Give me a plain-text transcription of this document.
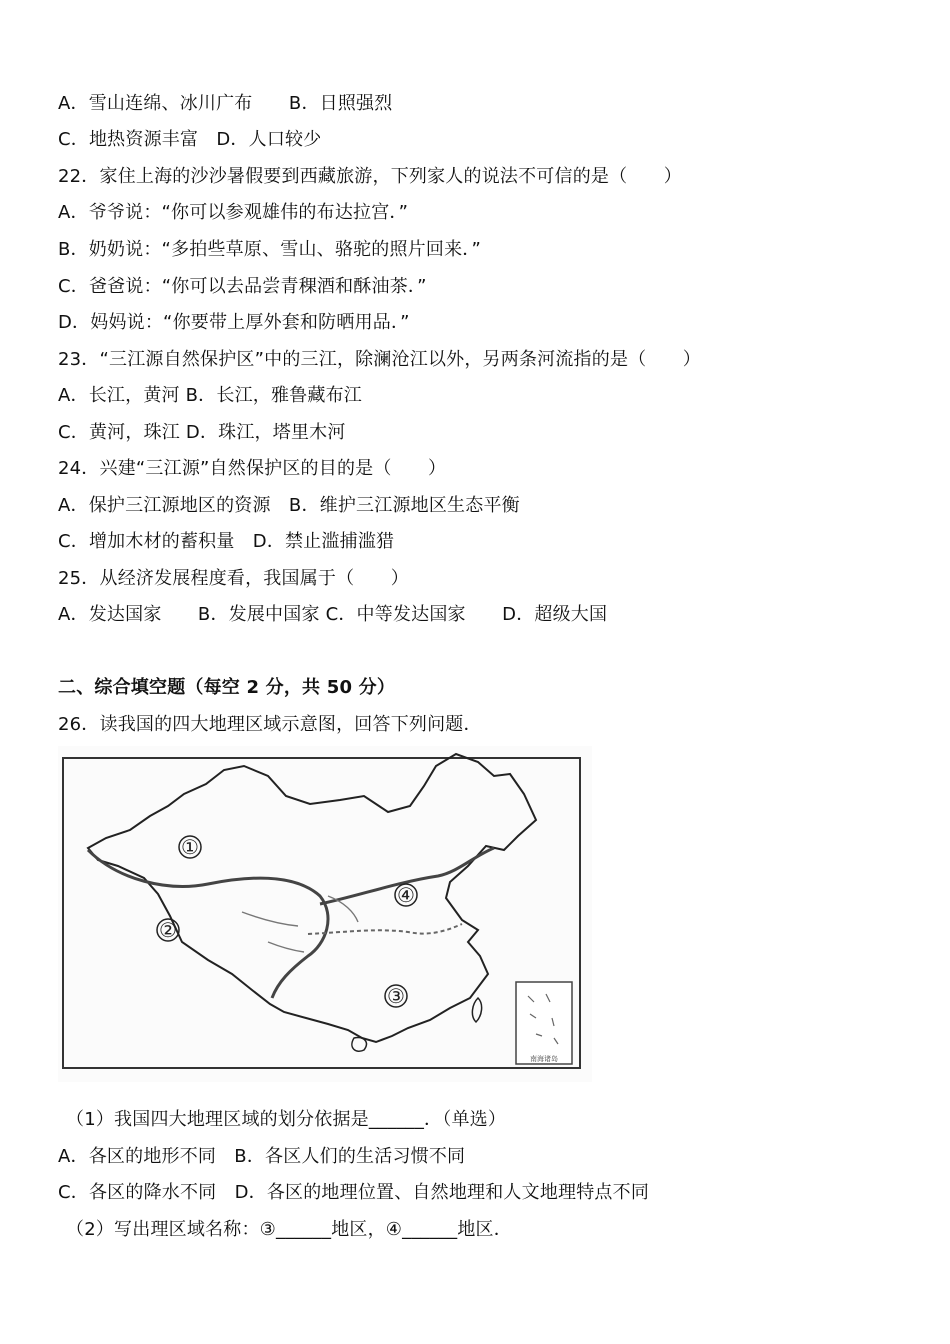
A．雪山连绵、冰川广布　　B．日照强烈
C．地热资源丰富　D．人口较少
22．家住上海的沙沙暑假要到西藏旅游，下列家人的说法不可信的是（　　）
A．爷爷说：“你可以参观雄伟的布达拉宫．”
B．奶奶说：“多拍些草原、雪山、骆驼的照片回来．”
C．爸爸说：“你可以去品尝青稞酒和酥油茶．”
D．妈妈说：“你要带上厚外套和防晒用品．”
23．“三江源自然保护区”中的三江，除澜沧江以外，另两条河流指的是（　　）
A．长江，黄河 B．长江，雅鲁藏布江
C．黄河，珠江 D．珠江，塔里木河
24．兴建“三江源”自然保护区的目的是（　　）
A．保护三江源地区的资源　B．维护三江源地区生态平衡
C．增加木材的蓄积量　D．禁止滥捕滥猎
25．从经济发展程度看，我国属于（　　）
A．发达国家　　B．发展中国家 C．中等发达国家　　D．超级大国
二、综合填空题（每空 2 分，共 50 分）
26．读我国的四大地理区域示意图，回答下列问题．
①
②
③
④
南海诸岛
（1）我国四大地理区域的划分依据是______．（单选）
A．各区的地形不同　B．各区人们的生活习惯不同
C．各区的降水不同　D．各区的地理位置、自然地理和人文地理特点不同
（2）写出理区域名称：③______地区，④______地区．
